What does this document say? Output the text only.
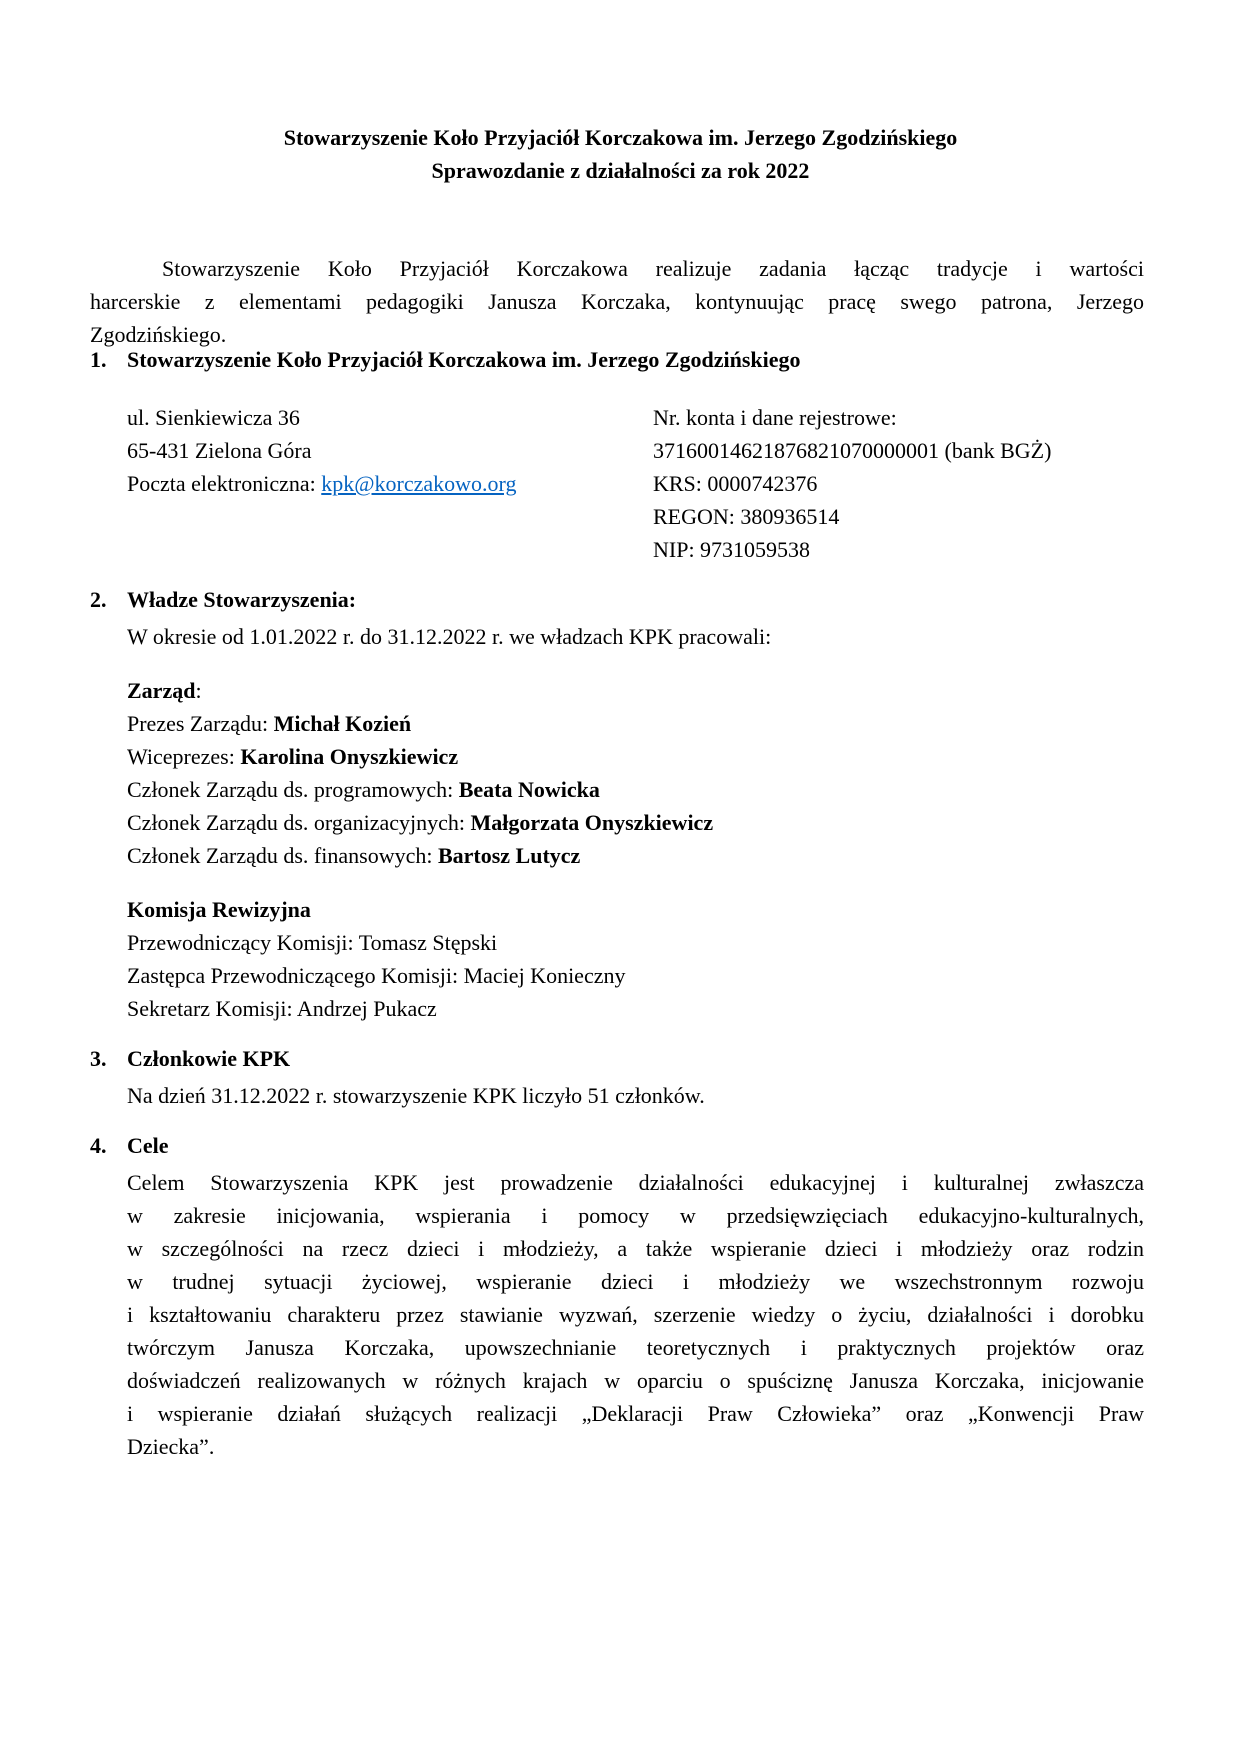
Stowarzyszenie Koło Przyjaciół Korczakowa im. Jerzego Zgodzińskiego
Sprawozdanie z działalności za rok 2022

Stowarzyszenie Koło Przyjaciół Korczakowa realizuje zadania łącząc tradycje i wartości
harcerskie z elementami pedagogiki Janusza Korczaka, kontynuując pracę swego patrona, Jerzego
Zgodzińskiego.

1. Stowarzyszenie Koło Przyjaciół Korczakowa im. Jerzego Zgodzińskiego
ul. Sienkiewicza 36
65-431 Zielona Góra
Poczta elektroniczna: kpk@korczakowo.org
Nr. konta i dane rejestrowe:
37160014621876821070000001 (bank BGŻ)
KRS: 0000742376
REGON: 380936514
NIP: 9731059538
2. Władze Stowarzyszenia:
W okresie od 1.01.2022 r. do 31.12.2022 r. we władzach KPK pracowali:
Zarząd:
Prezes Zarządu: Michał Kozień
Wiceprezes: Karolina Onyszkiewicz
Członek Zarządu ds. programowych: Beata Nowicka
Członek Zarządu ds. organizacyjnych: Małgorzata Onyszkiewicz
Członek Zarządu ds. finansowych: Bartosz Lutycz
Komisja Rewizyjna
Przewodniczący Komisji: Tomasz Stępski
Zastępca Przewodniczącego Komisji: Maciej Konieczny
Sekretarz Komisji: Andrzej Pukacz
3. Członkowie KPK
Na dzień 31.12.2022 r. stowarzyszenie KPK liczyło 51 członków.
4. Cele

Celem Stowarzyszenia KPK jest prowadzenie działalności edukacyjnej i kulturalnej zwłaszcza
w zakresie inicjowania, wspierania i pomocy w przedsięwzięciach edukacyjno-kulturalnych,
w szczególności na rzecz dzieci i młodzieży, a także wspieranie dzieci i młodzieży oraz rodzin
w trudnej sytuacji życiowej, wspieranie dzieci i młodzieży we wszechstronnym rozwoju
i kształtowaniu charakteru przez stawianie wyzwań, szerzenie wiedzy o życiu, działalności i dorobku
twórczym Janusza Korczaka, upowszechnianie teoretycznych i praktycznych projektów oraz
doświadczeń realizowanych w różnych krajach w oparciu o spuściznę Janusza Korczaka, inicjowanie
i wspieranie działań służących realizacji „Deklaracji Praw Człowieka” oraz „Konwencji Praw
Dziecka”.
